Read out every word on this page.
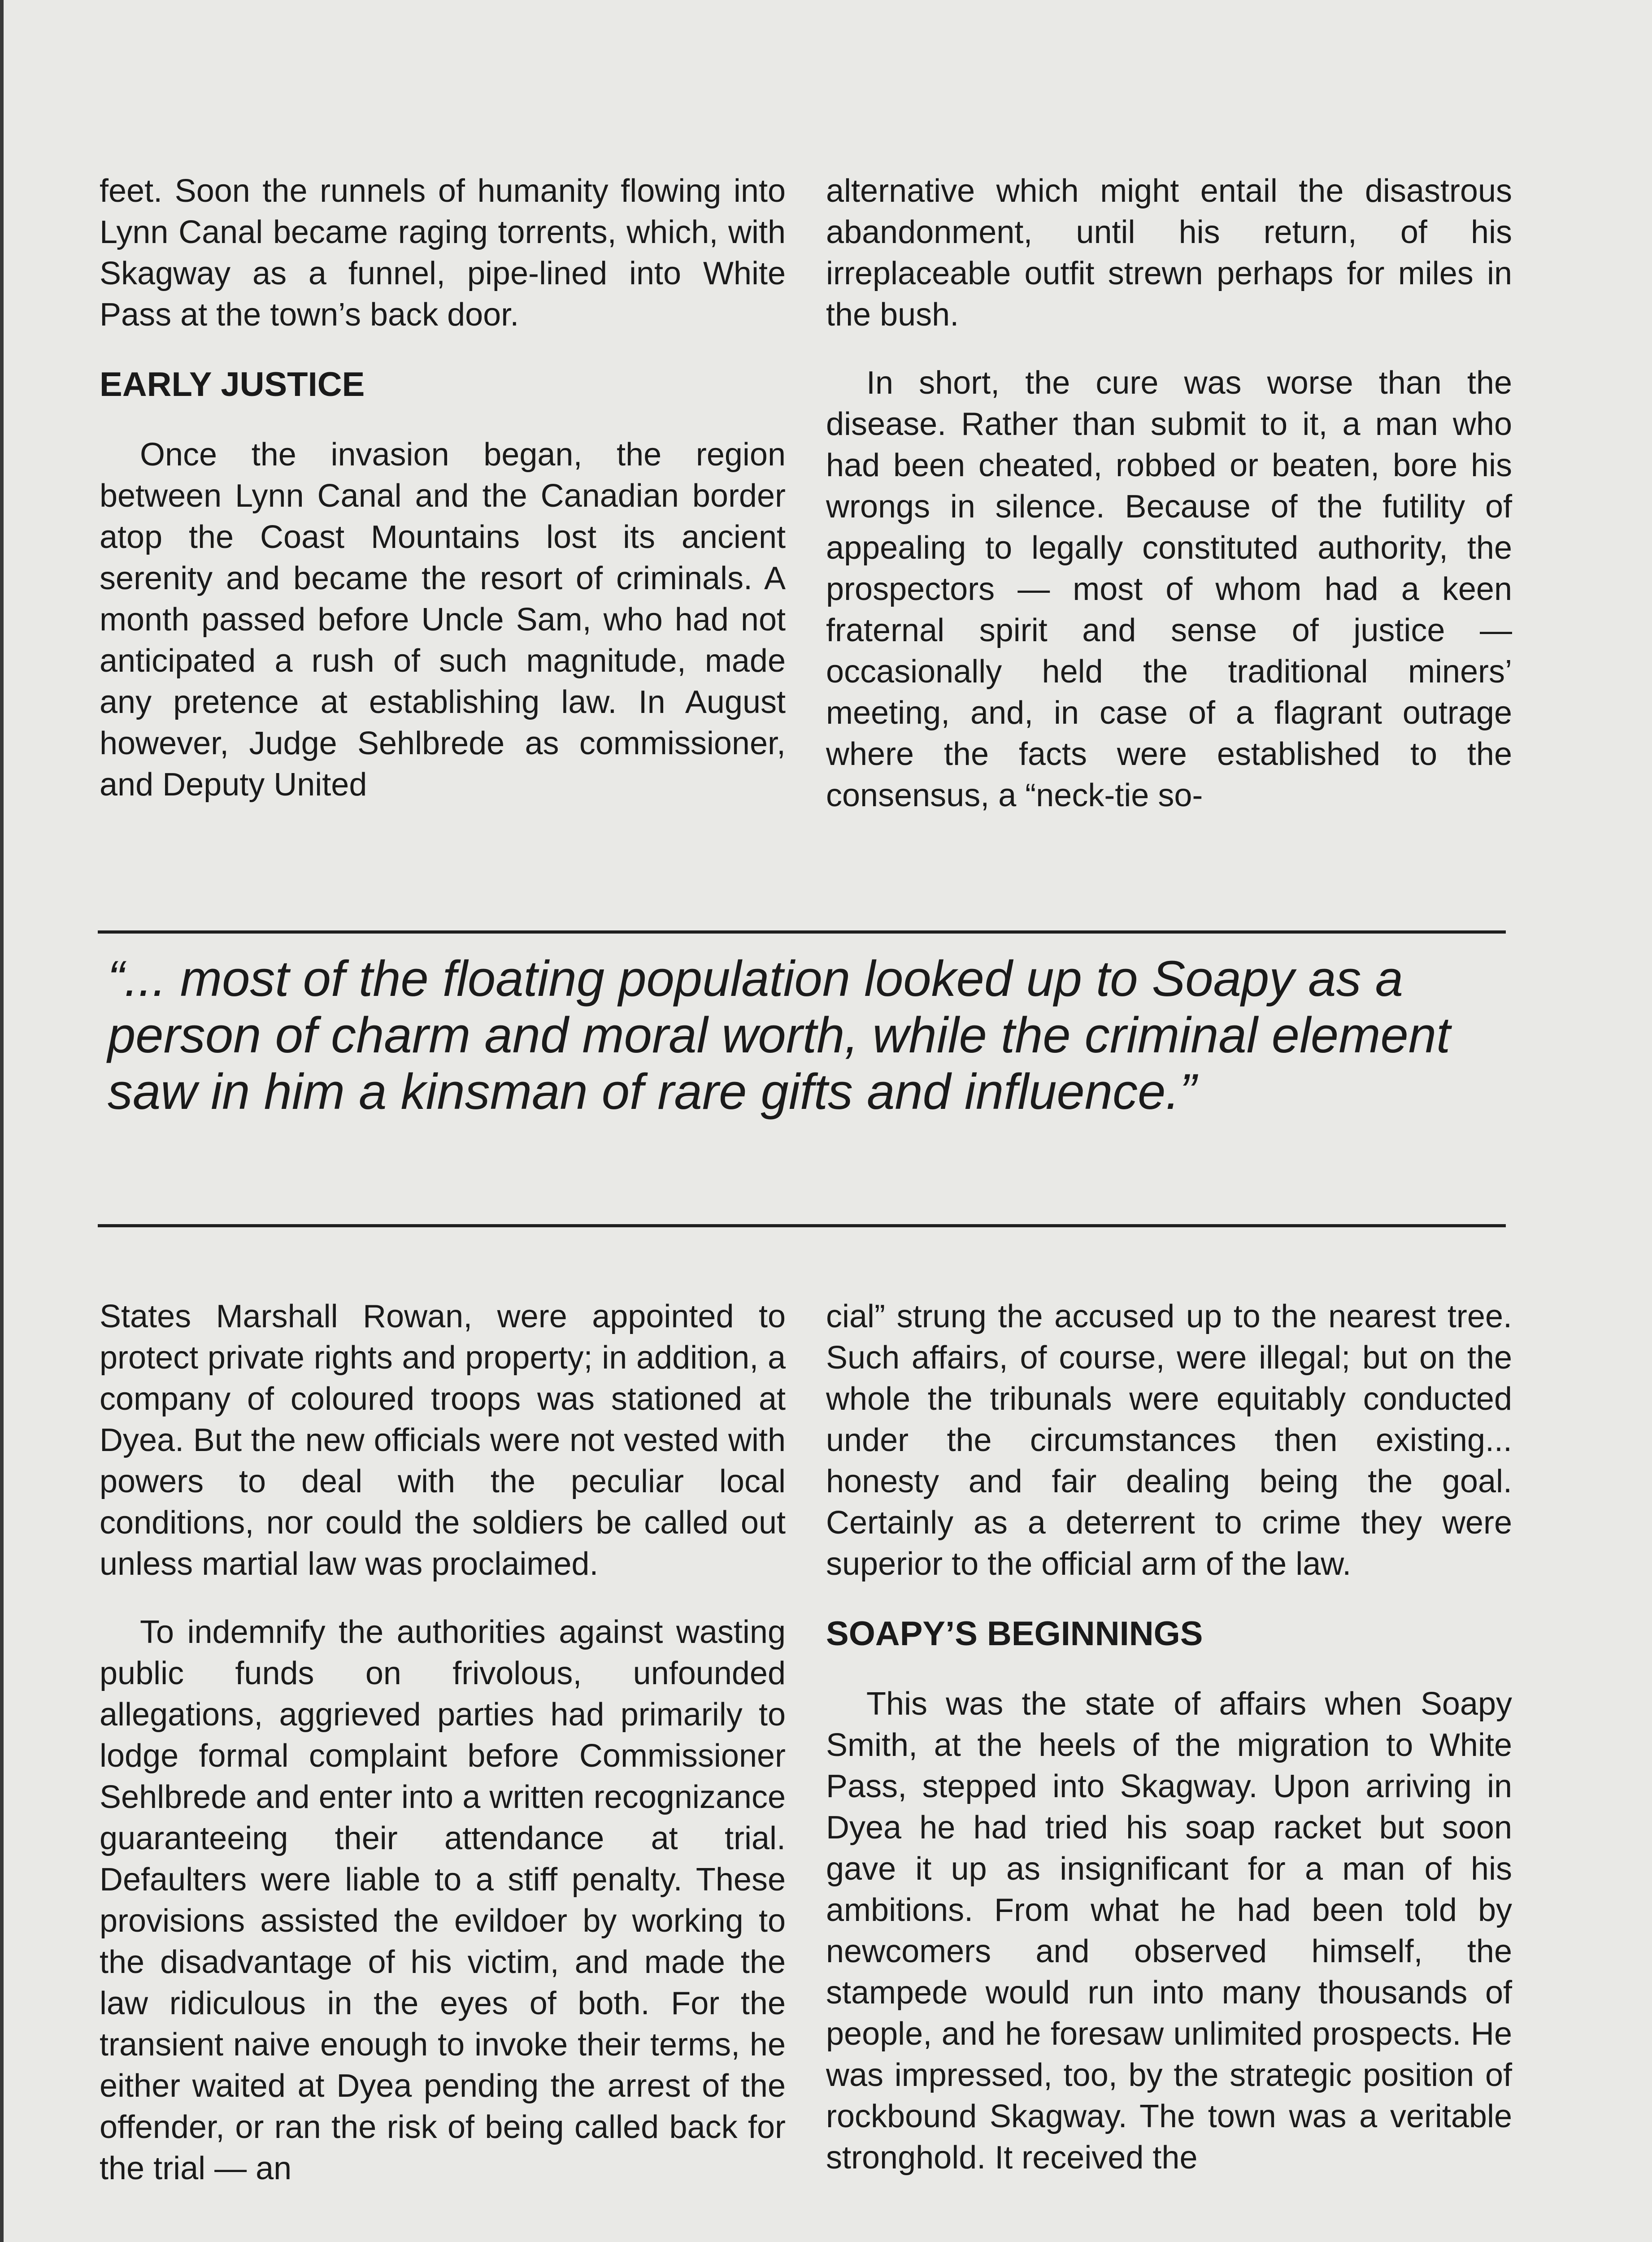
feet. Soon the runnels of humanity flowing into Lynn Canal became raging torrents, which, with Skagway as a funnel, pipe-lined into White Pass at the town’s back door.

EARLY JUSTICE

Once the invasion began, the region between Lynn Canal and the Canadian border atop the Coast Mountains lost its ancient serenity and became the resort of criminals. A month passed before Uncle Sam, who had not anticipated a rush of such magnitude, made any pretence at establishing law. In August however, Judge Sehlbrede as commissioner, and Deputy United

alternative which might entail the disastrous abandonment, until his return, of his irreplaceable outfit strewn perhaps for miles in the bush.

In short, the cure was worse than the disease. Rather than submit to it, a man who had been cheated, robbed or beaten, bore his wrongs in silence. Because of the futility of appealing to legally constituted authority, the prospectors — most of whom had a keen fraternal spirit and sense of justice — occasionally held the traditional miners’ meeting, and, in case of a flagrant outrage where the facts were established to the consensus, a “neck-tie so-

“... most of the floating population looked up to Soapy as a person of charm and moral worth, while the criminal element saw in him a kinsman of rare gifts and influence.”

States Marshall Rowan, were appointed to protect private rights and property; in addition, a company of coloured troops was stationed at Dyea. But the new officials were not vested with powers to deal with the peculiar local conditions, nor could the soldiers be called out unless martial law was proclaimed.

To indemnify the authorities against wasting public funds on frivolous, unfounded allegations, aggrieved parties had primarily to lodge formal complaint before Commissioner Sehlbrede and enter into a written recognizance guaranteeing their attendance at trial. Defaulters were liable to a stiff penalty. These provisions assisted the evildoer by working to the disadvantage of his victim, and made the law ridiculous in the eyes of both. For the transient naive enough to invoke their terms, he either waited at Dyea pending the arrest of the offender, or ran the risk of being called back for the trial — an

cial” strung the accused up to the nearest tree. Such affairs, of course, were illegal; but on the whole the tribunals were equitably conducted under the circumstances then existing... honesty and fair dealing being the goal. Certainly as a deterrent to crime they were superior to the official arm of the law.

SOAPY’S BEGINNINGS

This was the state of affairs when Soapy Smith, at the heels of the migration to White Pass, stepped into Skagway. Upon arriving in Dyea he had tried his soap racket but soon gave it up as insignificant for a man of his ambitions. From what he had been told by newcomers and observed himself, the stampede would run into many thousands of people, and he foresaw unlimited prospects. He was impressed, too, by the strategic position of rockbound Skagway. The town was a veritable stronghold. It received the
